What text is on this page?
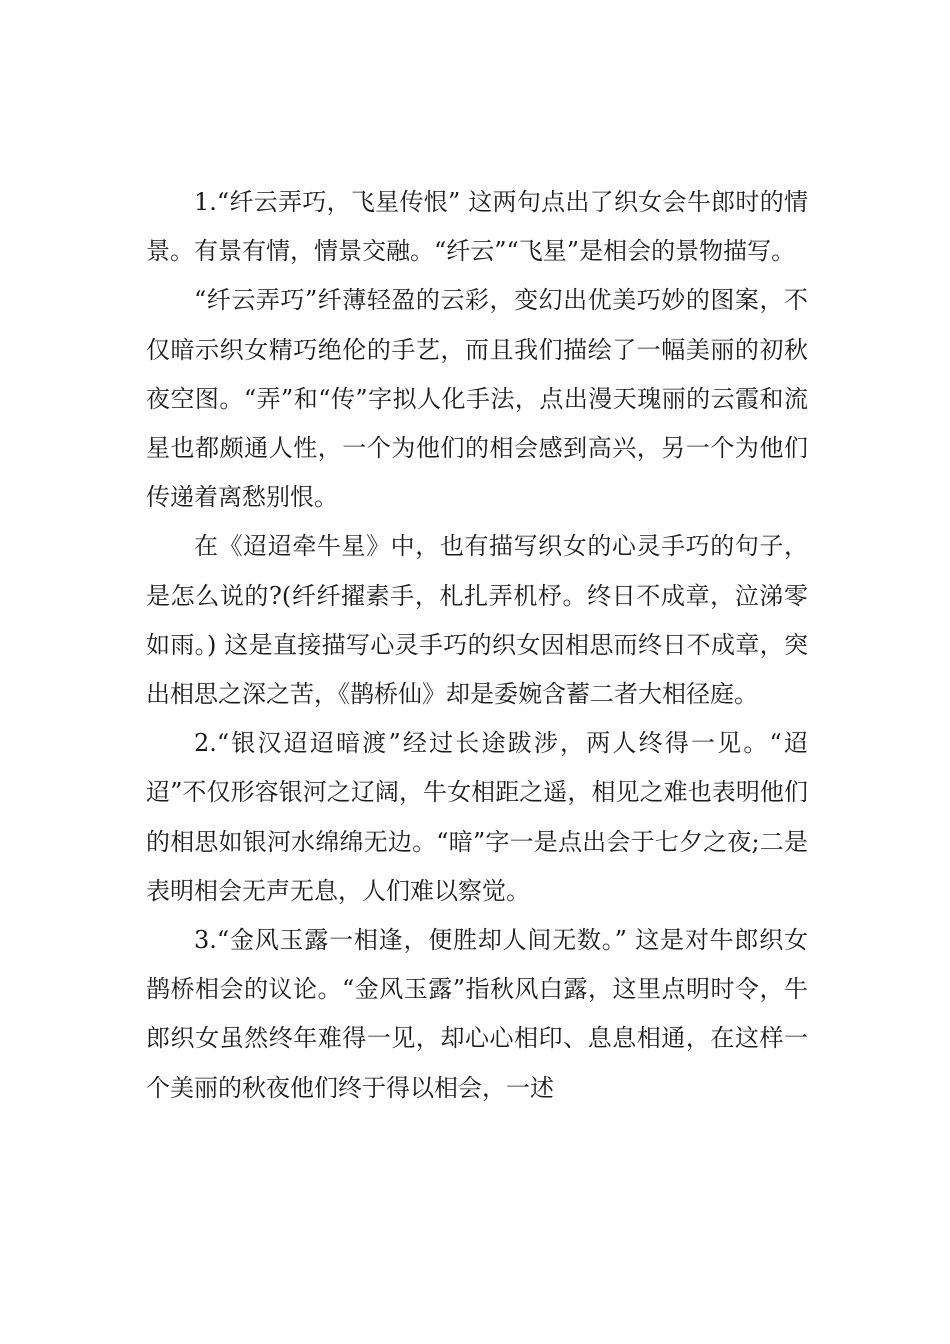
1.“纤云弄巧，飞星传恨” 这两句点出了织女会牛郎时的情景。有景有情，情景交融。“纤云”“飞星”是相会的景物描写。

“纤云弄巧”纤薄轻盈的云彩，变幻出优美巧妙的图案，不仅暗示织女精巧绝伦的手艺，而且我们描绘了一幅美丽的初秋夜空图。“弄”和“传”字拟人化手法，点出漫天瑰丽的云霞和流星也都颇通人性，一个为他们的相会感到高兴，另一个为他们传递着离愁别恨。

在《迢迢牵牛星》中，也有描写织女的心灵手巧的句子，是怎么说的?(纤纤擢素手，札扎弄机杼。终日不成章，泣涕零如雨。) 这是直接描写心灵手巧的织女因相思而终日不成章，突出相思之深之苦，《鹊桥仙》却是委婉含蓄二者大相径庭。

2.“银汉迢迢暗渡”经过长途跋涉，两人终得一见。“迢迢”不仅形容银河之辽阔，牛女相距之遥，相见之难也表明他们的相思如银河水绵绵无边。“暗”字一是点出会于七夕之夜;二是表明相会无声无息，人们难以察觉。

3.“金风玉露一相逢，便胜却人间无数。” 这是对牛郎织女鹊桥相会的议论。“金风玉露”指秋风白露，这里点明时令，牛郎织女虽然终年难得一见，却心心相印、息息相通，在这样一个美丽的秋夜他们终于得以相会，一述
